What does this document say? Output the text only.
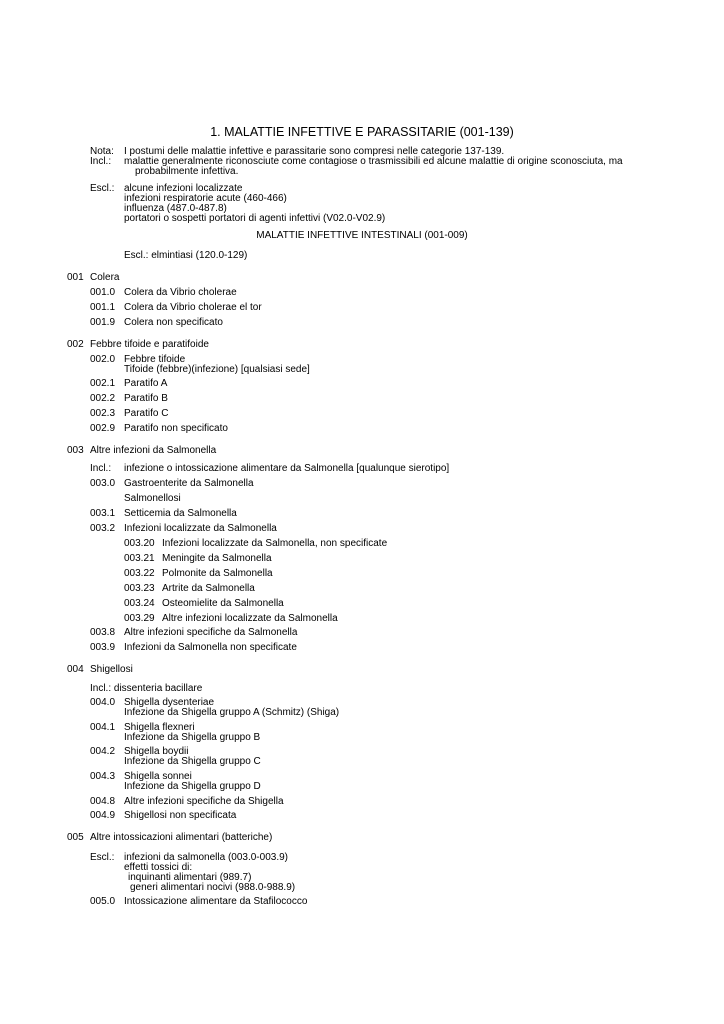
1. MALATTIE INFETTIVE E PARASSITARIE (001-139)
Nota: I postumi delle malattie infettive e parassitarie sono compresi nelle categorie 137-139.
Incl.: malattie generalmente riconosciute come contagiose o trasmissibili ed alcune malattie di origine sconosciuta, ma
probabilmente infettiva.
Escl.: alcune infezioni localizzate
infezioni respiratorie acute (460-466)
influenza (487.0-487.8)
portatori o sospetti portatori di agenti infettivi (V02.0-V02.9)
MALATTIE INFETTIVE INTESTINALI (001-009)
Escl.: elmintiasi (120.0-129)
001 Colera
001.0 Colera da Vibrio cholerae
001.1 Colera da Vibrio cholerae el tor
001.9 Colera non specificato
002 Febbre tifoide e paratifoide
002.0 Febbre tifoide
Tifoide (febbre)(infezione) [qualsiasi sede]
002.1 Paratifo A
002.2 Paratifo B
002.3 Paratifo C
002.9 Paratifo non specificato
003 Altre infezioni da Salmonella
Incl.: infezione o intossicazione alimentare da Salmonella [qualunque sierotipo]
003.0 Gastroenterite da Salmonella
Salmonellosi
003.1 Setticemia da Salmonella
003.2 Infezioni localizzate da Salmonella
003.20 Infezioni localizzate da Salmonella, non specificate
003.21 Meningite da Salmonella
003.22 Polmonite da Salmonella
003.23 Artrite da Salmonella
003.24 Osteomielite da Salmonella
003.29 Altre infezioni localizzate da Salmonella
003.8 Altre infezioni specifiche da Salmonella
003.9 Infezioni da Salmonella non specificate
004 Shigellosi
Incl.: dissenteria bacillare
004.0 Shigella dysenteriae
Infezione da Shigella gruppo A (Schmitz) (Shiga)
004.1 Shigella flexneri
Infezione da Shigella gruppo B
004.2 Shigella boydii
Infezione da Shigella gruppo C
004.3 Shigella sonnei
Infezione da Shigella gruppo D
004.8 Altre infezioni specifiche da Shigella
004.9 Shigellosi non specificata
005 Altre intossicazioni alimentari (batteriche)
Escl.: infezioni da salmonella (003.0-003.9)
effetti tossici di:
inquinanti alimentari (989.7)
generi alimentari nocivi (988.0-988.9)
005.0 Intossicazione alimentare da Stafilococco
